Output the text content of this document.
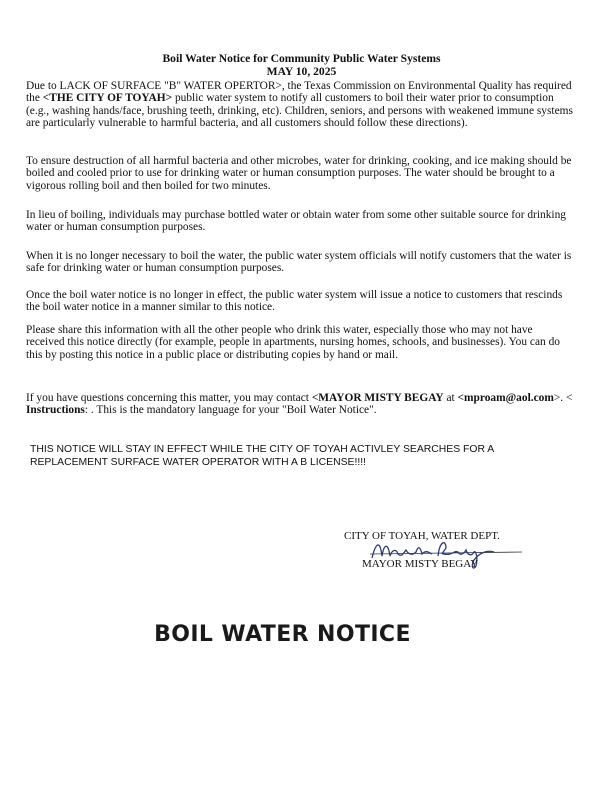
Boil Water Notice for Community Public Water Systems
MAY 10, 2025
Due to LACK OF SURFACE "B" WATER OPERTOR>, the Texas Commission on Environmental Quality has required the <THE CITY OF TOYAH> public water system to notify all customers to boil their water prior to consumption (e.g., washing hands/face, brushing teeth, drinking, etc). Children, seniors, and persons with weakened immune systems are particularly vulnerable to harmful bacteria, and all customers should follow these directions).
To ensure destruction of all harmful bacteria and other microbes, water for drinking, cooking, and ice making should be boiled and cooled prior to use for drinking water or human consumption purposes. The water should be brought to a vigorous rolling boil and then boiled for two minutes.
In lieu of boiling, individuals may purchase bottled water or obtain water from some other suitable source for drinking water or human consumption purposes.
When it is no longer necessary to boil the water, the public water system officials will notify customers that the water is safe for drinking water or human consumption purposes.
Once the boil water notice is no longer in effect, the public water system will issue a notice to customers that rescinds the boil water notice in a manner similar to this notice.
Please share this information with all the other people who drink this water, especially those who may not have received this notice directly (for example, people in apartments, nursing homes, schools, and businesses). You can do this by posting this notice in a public place or distributing copies by hand or mail.
If you have questions concerning this matter, you may contact <MAYOR MISTY BEGAY at <mproam@aol.com>. < Instructions: . This is the mandatory language for your "Boil Water Notice".
THIS NOTICE WILL STAY IN EFFECT WHILE THE CITY OF TOYAH ACTIVLEY SEARCHES FOR A REPLACEMENT SURFACE WATER OPERATOR WITH A B LICENSE!!!!
CITY OF TOYAH, WATER DEPT.
MAYOR MISTY BEGAY
BOIL WATER NOTICE
